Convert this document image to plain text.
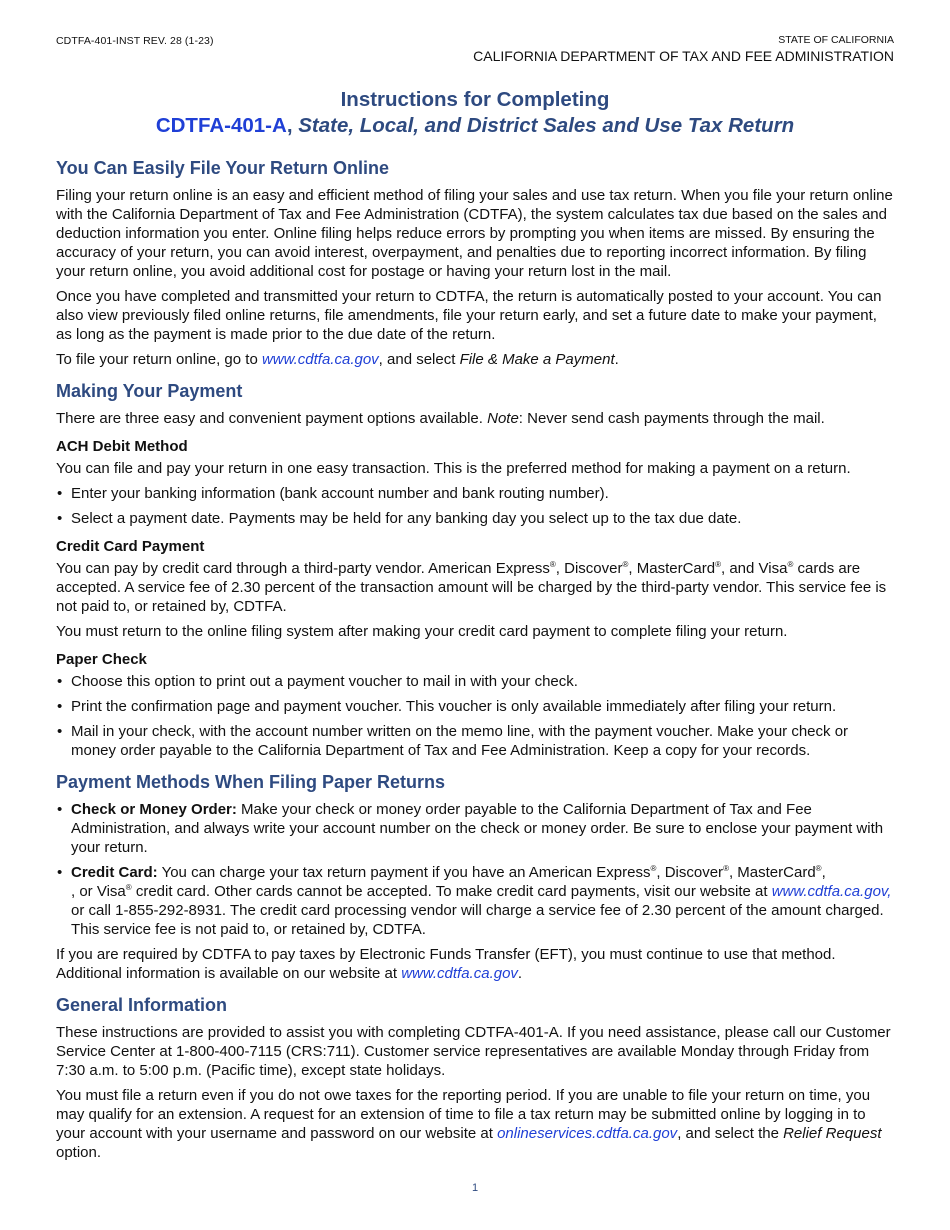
CDTFA-401-INST REV. 28 (1-23)	STATE OF CALIFORNIA
CALIFORNIA DEPARTMENT OF TAX AND FEE ADMINISTRATION
Instructions for Completing
CDTFA-401-A, State, Local, and District Sales and Use Tax Return
You Can Easily File Your Return Online

Filing your return online is an easy and efficient method of filing your sales and use tax return. When you file your return online with the California Department of Tax and Fee Administration (CDTFA), the system calculates tax due based on the sales and deduction information you enter. Online filing helps reduce errors by prompting you when items are missed. By ensuring the accuracy of your return, you can avoid interest, overpayment, and penalties due to reporting incorrect information. By filing your return online, you avoid additional cost for postage or having your return lost in the mail.

Once you have completed and transmitted your return to CDTFA, the return is automatically posted to your account. You can also view previously filed online returns, file amendments, file your return early, and set a future date to make your payment, as long as the payment is made prior to the due date of the return.

To file your return online, go to www.cdtfa.ca.gov, and select File & Make a Payment.

Making Your Payment

There are three easy and convenient payment options available. Note: Never send cash payments through the mail.

ACH Debit Method

You can file and pay your return in one easy transaction. This is the preferred method for making a payment on a return.

• Enter your banking information (bank account number and bank routing number).
• Select a payment date. Payments may be held for any banking day you select up to the tax due date.
Credit Card Payment

You can pay by credit card through a third-party vendor. American Express®, Discover®, MasterCard®, and Visa® cards are accepted. A service fee of 2.30 percent of the transaction amount will be charged by the third-party vendor. This service fee is not paid to, or retained by, CDTFA.

You must return to the online filing system after making your credit card payment to complete filing your return.

Paper Check
• Choose this option to print out a payment voucher to mail in with your check.
• Print the confirmation page and payment voucher. This voucher is only available immediately after filing your return.
• Mail in your check, with the account number written on the memo line, with the payment voucher. Make your check or money order payable to the California Department of Tax and Fee Administration. Keep a copy for your records.
Payment Methods When Filing Paper Returns
• Check or Money Order: Make your check or money order payable to the California Department of Tax and Fee Administration, and always write your account number on the check or money order. Be sure to enclose your payment with your return.
• Credit Card: You can charge your tax return payment if you have an American Express®, Discover®, MasterCard®,
, or Visa® credit card. Other cards cannot be accepted. To make credit card payments, visit our website at www.cdtfa.ca.gov, or call 1-855-292-8931. The credit card processing vendor will charge a service fee of 2.30 percent of the amount charged. This service fee is not paid to, or retained by, CDTFA.

If you are required by CDTFA to pay taxes by Electronic Funds Transfer (EFT), you must continue to use that method. Additional information is available on our website at www.cdtfa.ca.gov.

General Information

These instructions are provided to assist you with completing CDTFA-401-A. If you need assistance, please call our Customer Service Center at 1-800-400-7115 (CRS:711). Customer service representatives are available Monday through Friday from 7:30 a.m. to 5:00 p.m. (Pacific time), except state holidays.

You must file a return even if you do not owe taxes for the reporting period. If you are unable to file your return on time, you may qualify for an extension. A request for an extension of time to file a tax return may be submitted online by logging in to your account with your username and password on our website at onlineservices.cdtfa.ca.gov, and select the Relief Request option.

1
